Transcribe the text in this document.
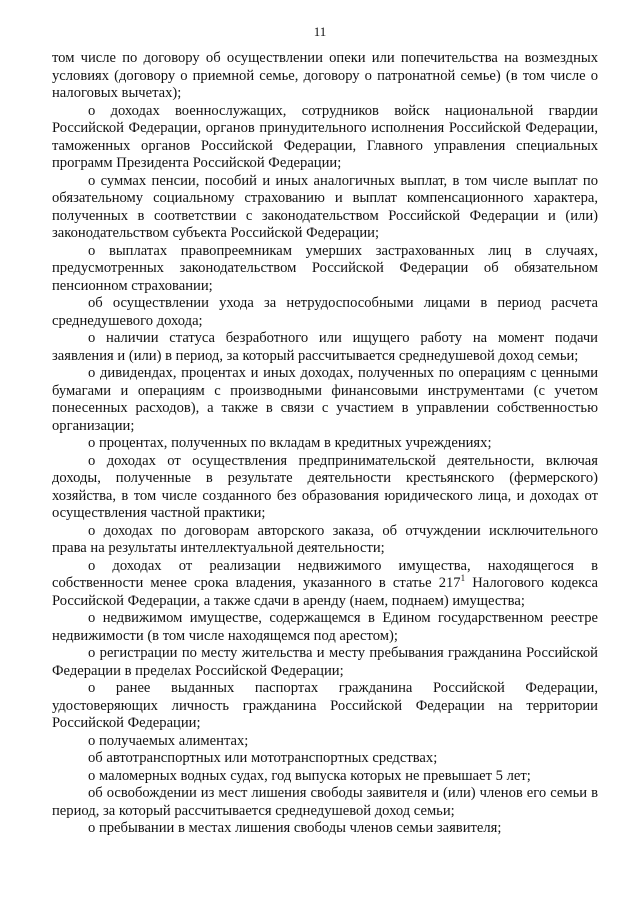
11

том числе по договору об осуществлении опеки или попечительства на возмездных условиях (договору о приемной семье, договору о патронатной семье) (в том числе о налоговых вычетах);

о доходах военнослужащих, сотрудников войск национальной гвардии Российской Федерации, органов принудительного исполнения Российской Федерации, таможенных органов Российской Федерации, Главного управления специальных программ Президента Российской Федерации;

о суммах пенсии, пособий и иных аналогичных выплат, в том числе выплат по обязательному социальному страхованию и выплат компенсационного характера, полученных в соответствии с законодательством Российской Федерации и (или) законодательством субъекта Российской Федерации;

о выплатах правопреемникам умерших застрахованных лиц в случаях, предусмотренных законодательством Российской Федерации об обязательном пенсионном страховании;

об осуществлении ухода за нетрудоспособными лицами в период расчета среднедушевого дохода;

о наличии статуса безработного или ищущего работу на момент подачи заявления и (или) в период, за который рассчитывается среднедушевой доход семьи;

о дивидендах, процентах и иных доходах, полученных по операциям с ценными бумагами и операциям с производными финансовыми инструментами (с учетом понесенных расходов), а также в связи с участием в управлении собственностью организации;

о процентах, полученных по вкладам в кредитных учреждениях;

о доходах от осуществления предпринимательской деятельности, включая доходы, полученные в результате деятельности крестьянского (фермерского) хозяйства, в том числе созданного без образования юридического лица, и доходах от осуществления частной практики;

о доходах по договорам авторского заказа, об отчуждении исключительного права на результаты интеллектуальной деятельности;

о доходах от реализации недвижимого имущества, находящегося в собственности менее срока владения, указанного в статье $217^1$ Налогового кодекса Российской Федерации, а также сдачи в аренду (наем, поднаем) имущества;

о недвижимом имуществе, содержащемся в Едином государственном реестре недвижимости (в том числе находящемся под арестом);

о регистрации по месту жительства и месту пребывания гражданина Российской Федерации в пределах Российской Федерации;

о ранее выданных паспортах гражданина Российской Федерации, удостоверяющих личность гражданина Российской Федерации на территории Российской Федерации;

о получаемых алиментах;

об автотранспортных или мототранспортных средствах;

о маломерных водных судах, год выпуска которых не превышает 5 лет;

об освобождении из мест лишения свободы заявителя и (или) членов его семьи в период, за который рассчитывается среднедушевой доход семьи;

о пребывании в местах лишения свободы членов семьи заявителя;
